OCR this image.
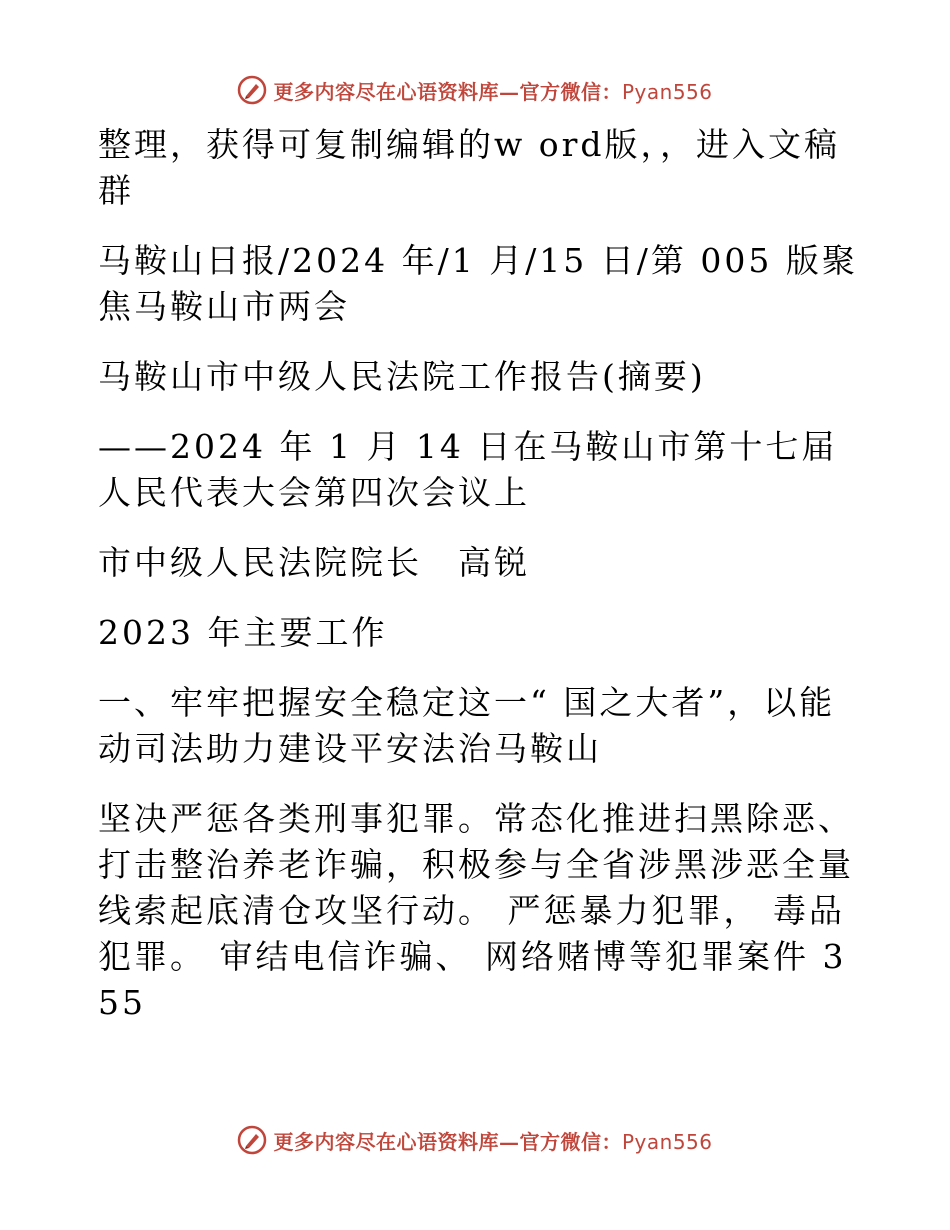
更多内容尽在心语资料库—官方微信：Pyan556

整理，获得可复制编辑的w ord版，，进入文稿群

马鞍山日报/2024 年/1 月/15 日/第 005 版聚焦马鞍山市两会

马鞍山市中级人民法院工作报告(摘要)

——2024 年 1 月 14 日在马鞍山市第十七届人民代表大会第四次会议上

市中级人民法院院长　高锐

2023 年主要工作

一、牢牢把握安全稳定这一“ 国之大者”，以能动司法助力建设平安法治马鞍山

坚决严惩各类刑事犯罪。常态化推进扫黑除恶、打击整治养老诈骗，积极参与全省涉黑涉恶全量线索起底清仓攻坚行动。 严惩暴力犯罪， 毒品犯罪。 审结电信诈骗、 网络赌博等犯罪案件 355

更多内容尽在心语资料库—官方微信：Pyan556
